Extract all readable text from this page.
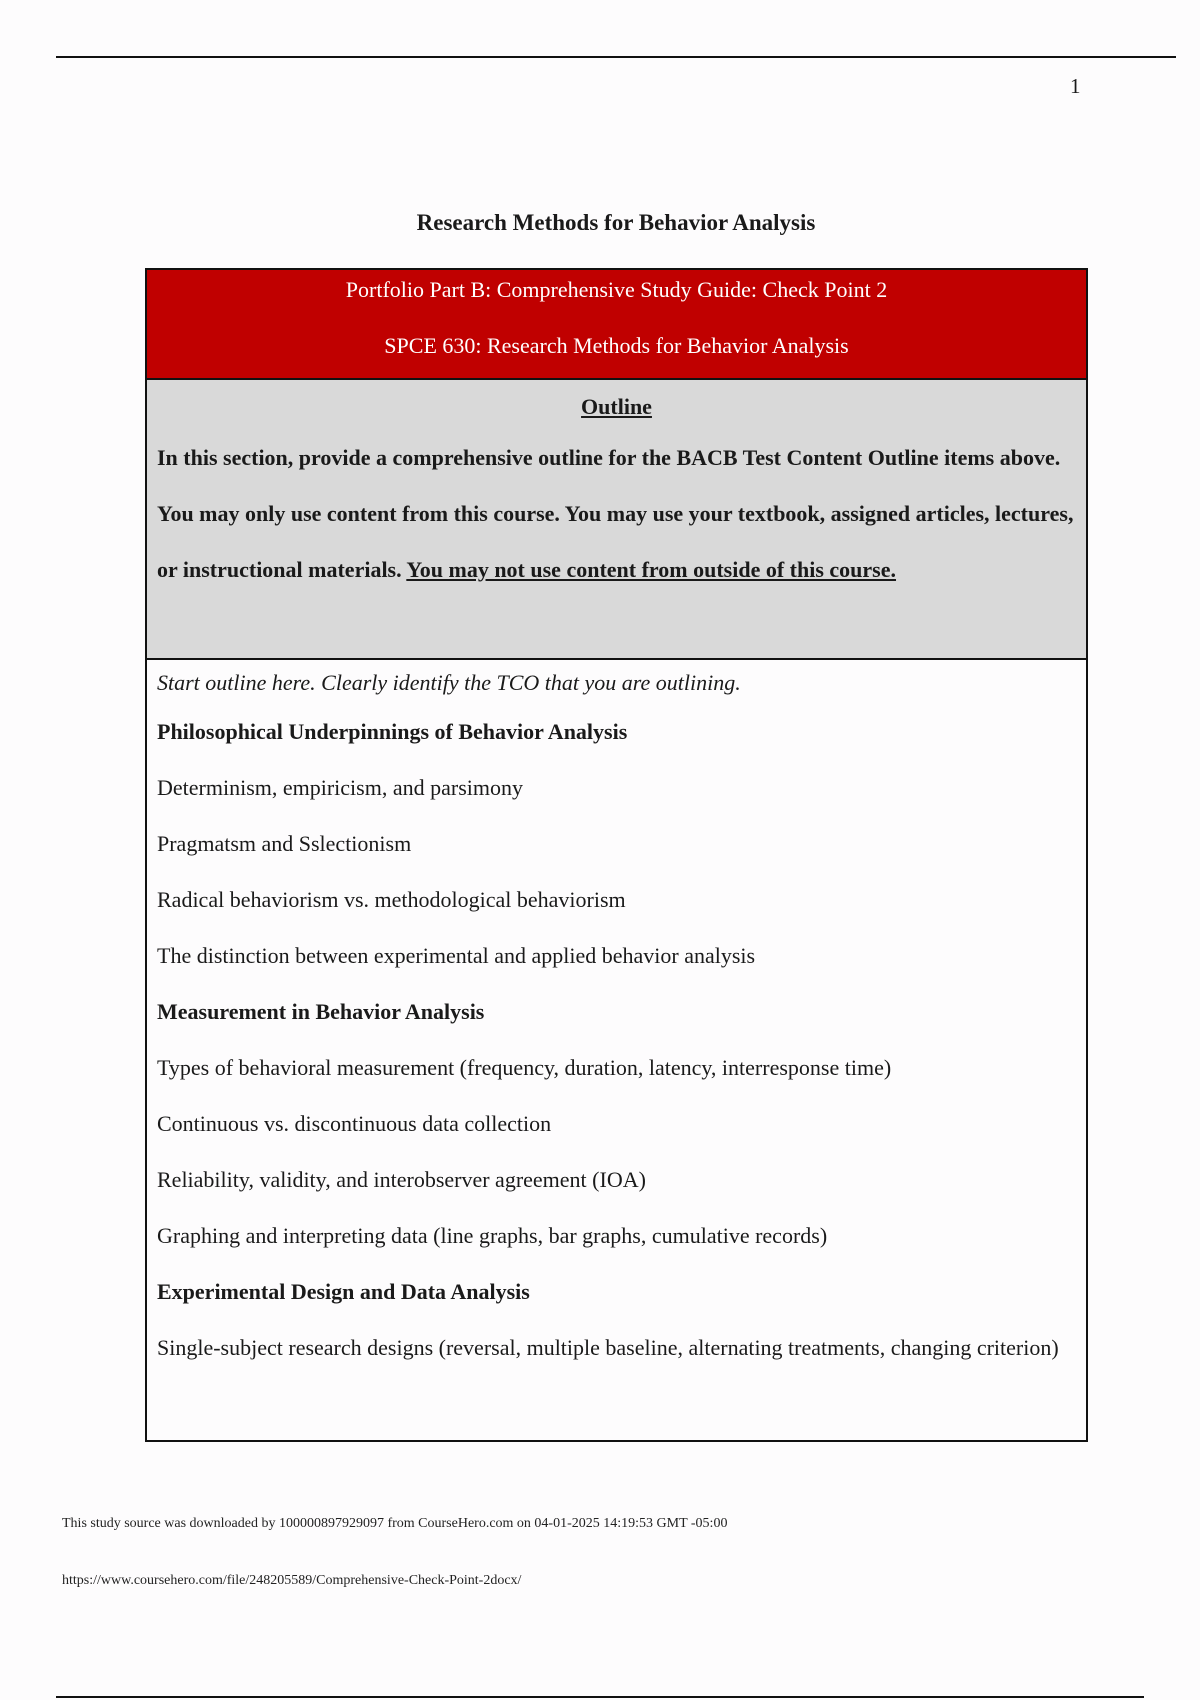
1
Research Methods for Behavior Analysis
Portfolio Part B: Comprehensive Study Guide: Check Point 2
SPCE 630: Research Methods for Behavior Analysis
Outline
In this section, provide a comprehensive outline for the BACB Test Content Outline items above. You may only use content from this course. You may use your textbook, assigned articles, lectures, or instructional materials. You may not use content from outside of this course.
Start outline here. Clearly identify the TCO that you are outlining.
Philosophical Underpinnings of Behavior Analysis
Determinism, empiricism, and parsimony
Pragmatsm and Sslectionism
Radical behaviorism vs. methodological behaviorism
The distinction between experimental and applied behavior analysis
Measurement in Behavior Analysis
Types of behavioral measurement (frequency, duration, latency, interresponse time)
Continuous vs. discontinuous data collection
Reliability, validity, and interobserver agreement (IOA)
Graphing and interpreting data (line graphs, bar graphs, cumulative records)
Experimental Design and Data Analysis
Single-subject research designs (reversal, multiple baseline, alternating treatments, changing criterion)
This study source was downloaded by 100000897929097 from CourseHero.com on 04-01-2025 14:19:53 GMT -05:00
https://www.coursehero.com/file/248205589/Comprehensive-Check-Point-2docx/
